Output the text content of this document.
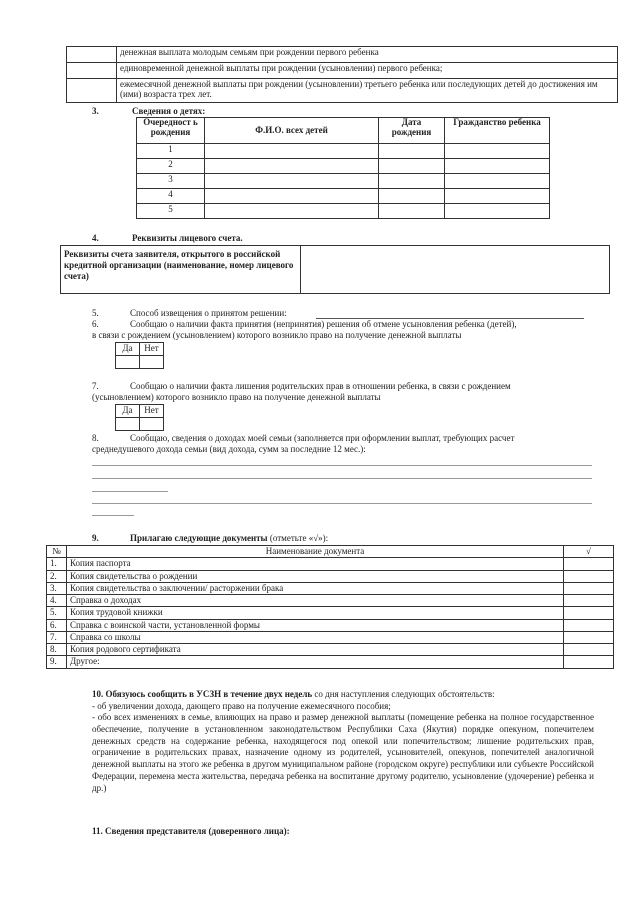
	денежная выплата молодым семьям при рождении первого ребенка
	единовременной денежной выплаты при рождении (усыновлении) первого ребенка;
	ежемесячной денежной выплаты при рождении (усыновлении) третьего ребенка или последующих детей до достижения им (ими) возраста трех лет.
3.	Сведения о детях:
Очередност ь рождения	Ф.И.О. всех детей	Дата рождения	Гражданство ребенка
1			
2			
3			
4			
5			
4.	Реквизиты лицевого счета.
Реквизиты счета заявителя, открытого в российской кредитной организации (наименование, номер лицевого счета)	
5.	Способ извещения о принятом решении:
6.	Сообщаю о наличии факта принятия (непринятия) решения об отмене усыновления ребенка (детей),
в связи с рождением (усыновлением) которого возникло право на получение денежной выплаты
Да	Нет

7.	Сообщаю о наличии факта лишения родительских прав в отношении ребенка, в связи с рождением
(усыновлением) которого возникло право на получение денежной выплаты
Да	Нет

8.	Сообщаю, сведения о доходах моей семьи (заполняется при оформлении выплат, требующих расчет
среднедушевого дохода семьи (вид дохода, сумм за последние 12 мес.):
9.	Прилагаю следующие документы (отметьте «√»):
№	Наименование документа	√
1.	Копия паспорта	
2.	Копия свидетельства о рождении	
3.	Копия свидетельства о заключении/ расторжении брака	
4.	Справка о доходах	
5.	Копия трудовой книжки	
6.	Справка с воинской части, установленной формы	
7.	Справка со школы	
8.	Копия родового сертификата	
9.	Другое:	
10. Обязуюсь сообщить в УСЗН в течение двух недель со дня наступления следующих обстоятельств:
- об увеличении дохода, дающего право на получение ежемесячного пособия;
- обо всех изменениях в семье, влияющих на право и размер денежной выплаты (помещение ребенка на полное государственное обеспечение, получение в установленном законодательством Республики Саха (Якутия) порядке опекуном, попечителем денежных средств на содержание ребенка, находящегося под опекой или попечительством; лишение родительских прав, ограничение в родительских правах, назначение одному из родителей, усыновителей, опекунов, попечителей аналогичной денежной выплаты на этого же ребенка в другом муниципальном районе (городском округе) республики или субъекте Российской Федерации, перемена места жительства, передача ребенка на воспитание другому родителю, усыновление (удочерение) ребенка и др.)
11. Сведения представителя (доверенного лица):
